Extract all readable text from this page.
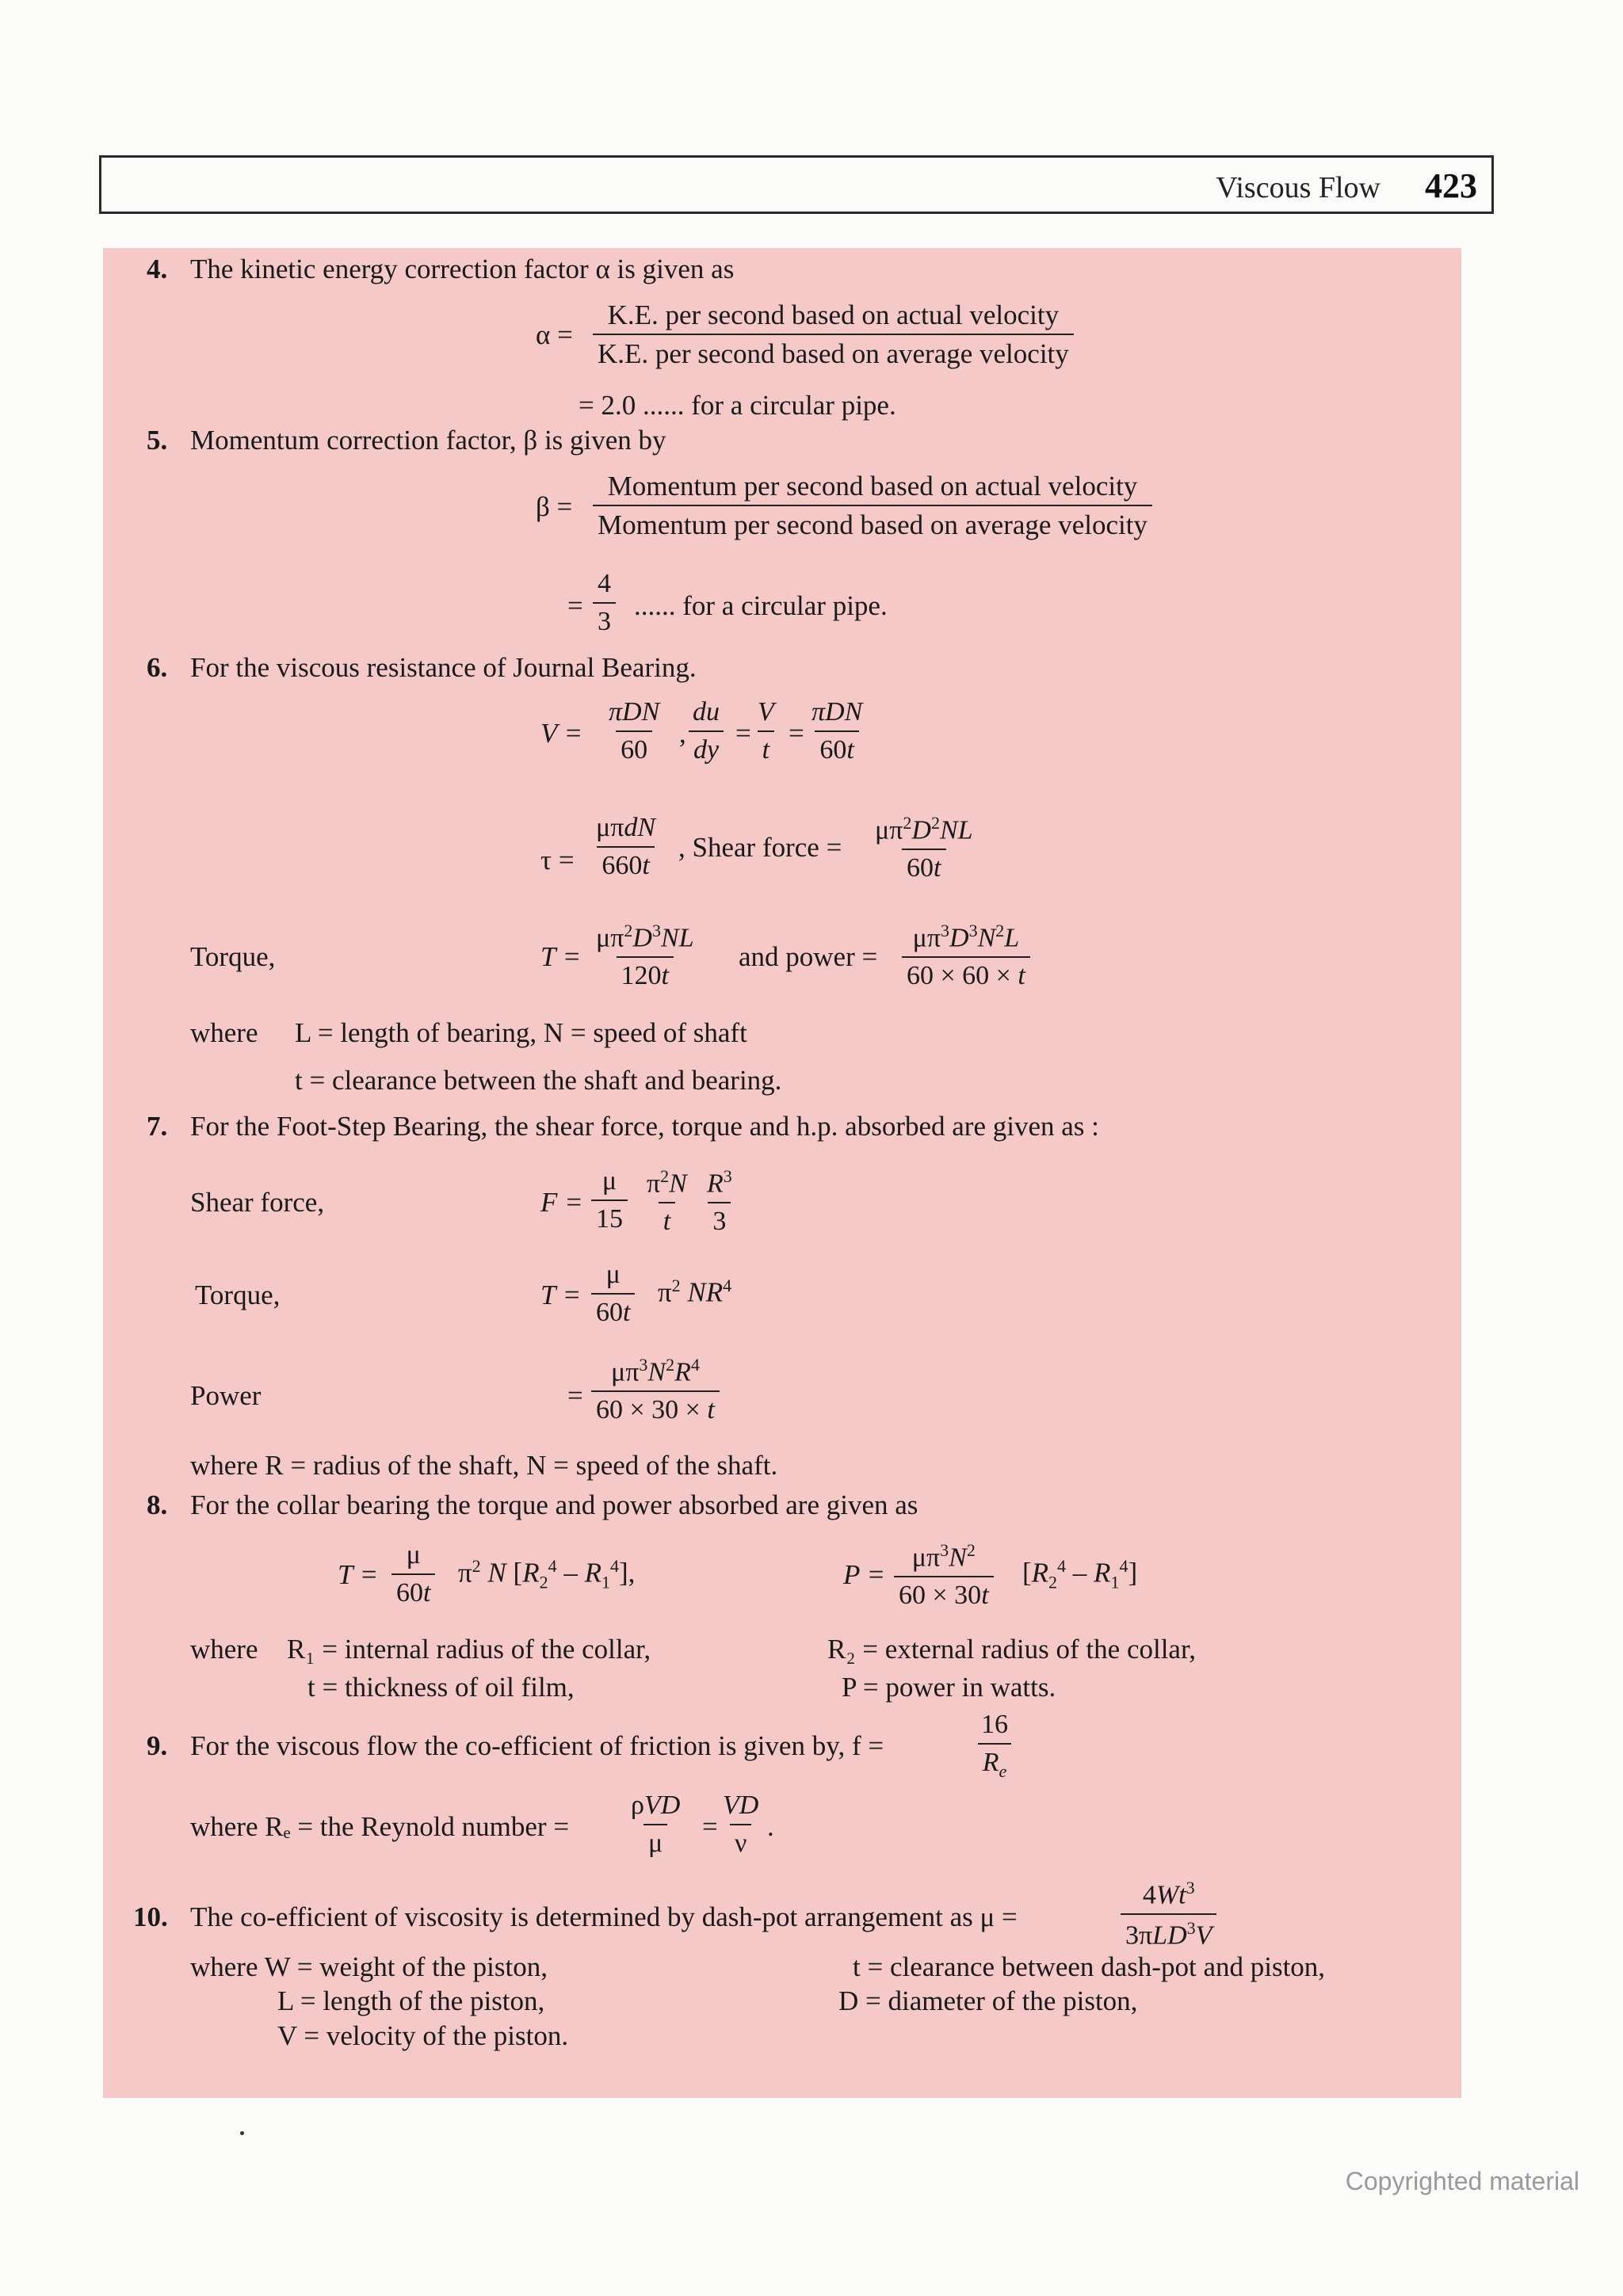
Viscous Flow 423
4. The kinetic energy correction factor α is given as
α =
K.E. per second based on actual velocity
K.E. per second based on average velocity
= 2.0 ...... for a circular pipe.
5. Momentum correction factor, β is given by
β =
Momentum per second based on actual velocity
Momentum per second based on average velocity
= $\frac{4}{3}$ ...... for a circular pipe.
6. For the viscous resistance of Journal Bearing.
V =
πDN
60
,
du
dy
=
V
t
=
πDN
60t
τ =
μπdN
660t
, Shear force =
$\mu\pi^2D^2NL$
60t
Torque,	T =
$\mu\pi^2D^3NL$
120t
and power =
$\mu\pi^3D^3N^2L$
60 × 60 × t
where L = length of bearing, N = speed of shaft
t = clearance between the shaft and bearing.
7. For the Foot-Step Bearing, the shear force, torque and h.p. absorbed are given as :
Shear force,	F =
μ
15
$\pi^2N$
t
$R^3$
3
Torque,	T =
μ
60t
$\pi^2$ $NR^4$
Power	=
$\mu\pi^3N^2R^4$
60 × 30 × t
where R = radius of the shaft, N = speed of the shaft.
8. For the collar bearing the torque and power absorbed are given as
T =
μ
60t
$\pi^2$ N $[R_2^4 - R_1^4]$,	P =
$\mu\pi^3N^2$
60 × 30t
$[R_2^4 - R_1^4]$
where R₁ = internal radius of the collar,
t = thickness of oil film,
R₂ = external radius of the collar,
P = power in watts.
9. For the viscous flow the co-efficient of friction is given by, f =
16
$R_e$
where Rₑ = the Reynold number =
ρVD
μ
=
VD
ν
.
10. The co-efficient of viscosity is determined by dash-pot arrangement as μ =
$4Wt^3$
3πLD$^3$V
where W = weight of the piston,
L = length of the piston,
V = velocity of the piston.
t = clearance between dash-pot and piston,
D = diameter of the piston,
Copyrighted material
